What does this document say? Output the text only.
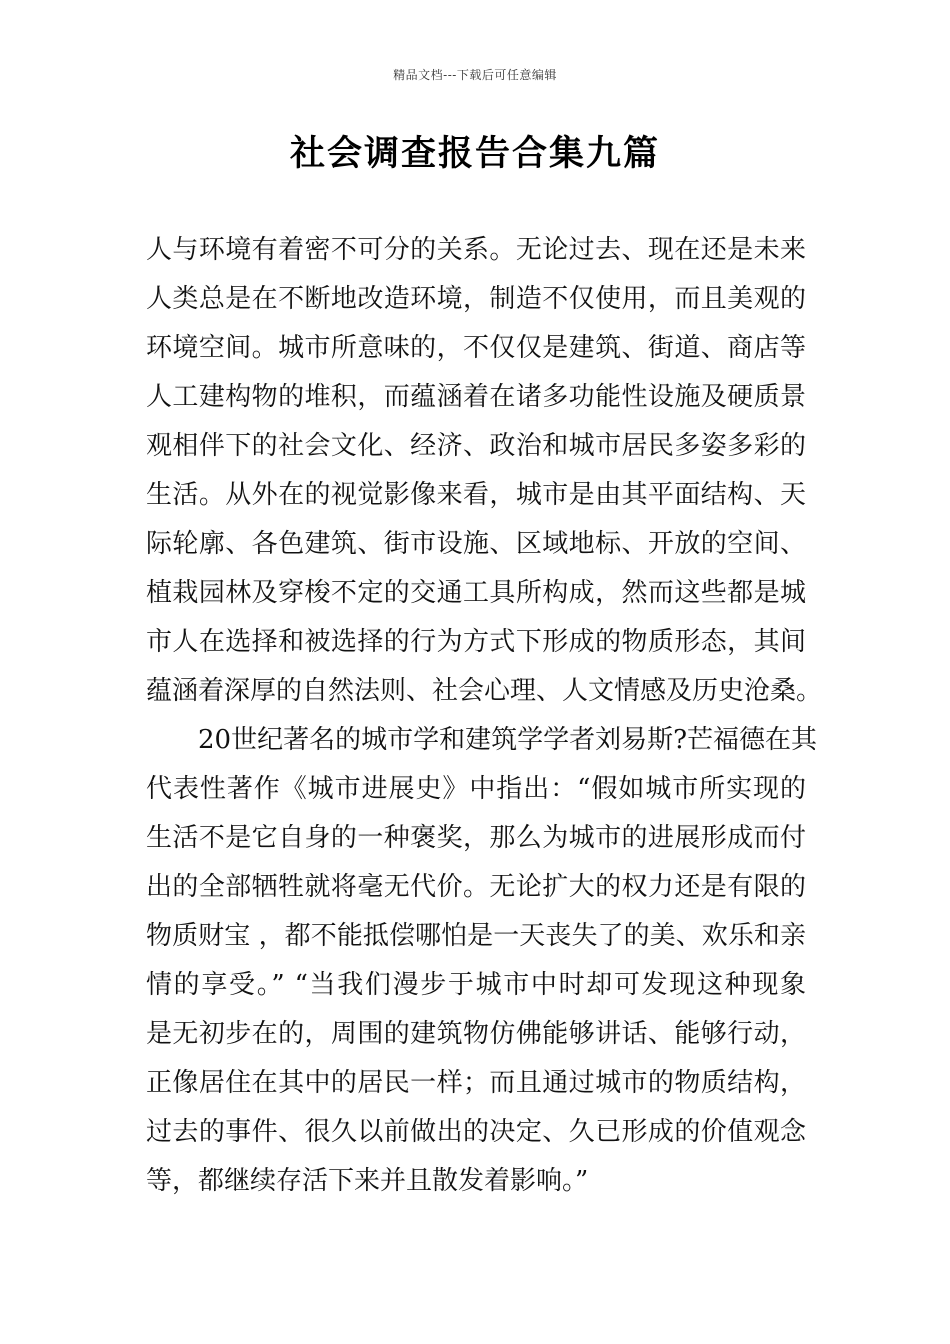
精品文档---下载后可任意编辑
社会调查报告合集九篇
人与环境有着密不可分的关系。无论过去、现在还是未来
人类总是在不断地改造环境，制造不仅使用，而且美观的
环境空间。城市所意味的，不仅仅是建筑、街道、商店等
人工建构物的堆积，而蕴涵着在诸多功能性设施及硬质景
观相伴下的社会文化、经济、政治和城市居民多姿多彩的
生活。从外在的视觉影像来看，城市是由其平面结构、天
际轮廓、各色建筑、街市设施、区域地标、开放的空间、
植栽园林及穿梭不定的交通工具所构成，然而这些都是城
市人在选择和被选择的行为方式下形成的物质形态，其间
蕴涵着深厚的自然法则、社会心理、人文情感及历史沧桑。
20世纪著名的城市学和建筑学学者刘易斯?芒福德在其
代表性著作《城市进展史》中指出：“假如城市所实现的
生活不是它自身的一种褒奖，那么为城市的进展形成而付
出的全部牺牲就将毫无代价。无论扩大的权力还是有限的
物质财宝 ，都不能抵偿哪怕是一天丧失了的美、欢乐和亲
情的享受。” “当我们漫步于城市中时却可发现这种现象
是无初步在的，周围的建筑物仿佛能够讲话、能够行动，
正像居住在其中的居民一样；而且通过城市的物质结构，
过去的事件、很久以前做出的决定、久已形成的价值观念
等，都继续存活下来并且散发着影响。”
